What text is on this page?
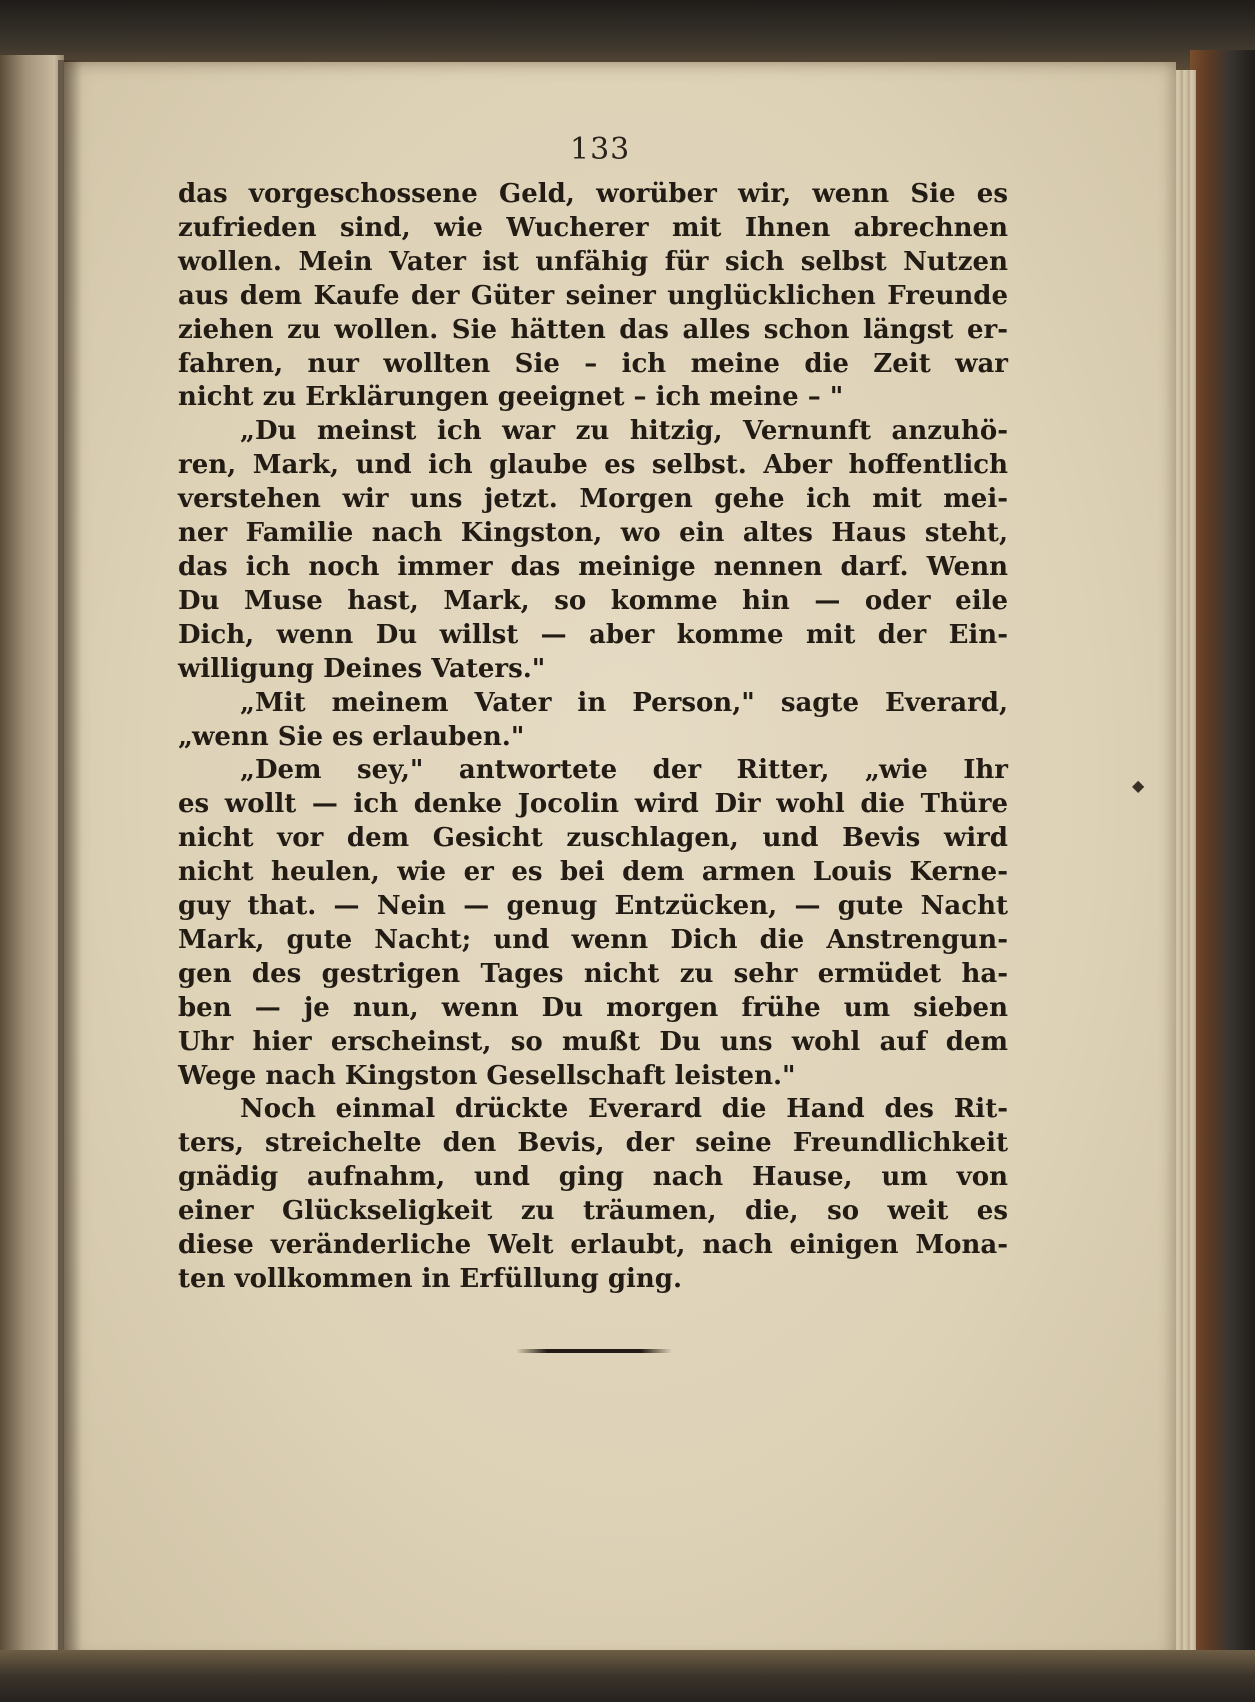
133
das vorgeschossene Geld, worüber wir, wenn Sie es
zufrieden sind, wie Wucherer mit Ihnen abrechnen
wollen. Mein Vater ist unfähig für sich selbst Nutzen
aus dem Kaufe der Güter seiner unglücklichen Freunde
ziehen zu wollen. Sie hätten das alles schon längst er-
fahren, nur wollten Sie – ich meine die Zeit war
nicht zu Erklärungen geeignet – ich meine – "
„Du meinst ich war zu hitzig, Vernunft anzuhö-
ren, Mark, und ich glaube es selbst. Aber hoffentlich
verstehen wir uns jetzt. Morgen gehe ich mit mei-
ner Familie nach Kingston, wo ein altes Haus steht,
das ich noch immer das meinige nennen darf. Wenn
Du Muse hast, Mark, so komme hin — oder eile
Dich, wenn Du willst — aber komme mit der Ein-
willigung Deines Vaters."
„Mit meinem Vater in Person," sagte Everard,
„wenn Sie es erlauben."
„Dem sey," antwortete der Ritter, „wie Ihr
es wollt — ich denke Jocolin wird Dir wohl die Thüre
nicht vor dem Gesicht zuschlagen, und Bevis wird
nicht heulen, wie er es bei dem armen Louis Kerne-
guy that. — Nein — genug Entzücken, — gute Nacht
Mark, gute Nacht; und wenn Dich die Anstrengun-
gen des gestrigen Tages nicht zu sehr ermüdet ha-
ben — je nun, wenn Du morgen frühe um sieben
Uhr hier erscheinst, so mußt Du uns wohl auf dem
Wege nach Kingston Gesellschaft leisten."
Noch einmal drückte Everard die Hand des Rit-
ters, streichelte den Bevis, der seine Freundlichkeit
gnädig aufnahm, und ging nach Hause, um von
einer Glückseligkeit zu träumen, die, so weit es
diese veränderliche Welt erlaubt, nach einigen Mona-
ten vollkommen in Erfüllung ging.
◆
